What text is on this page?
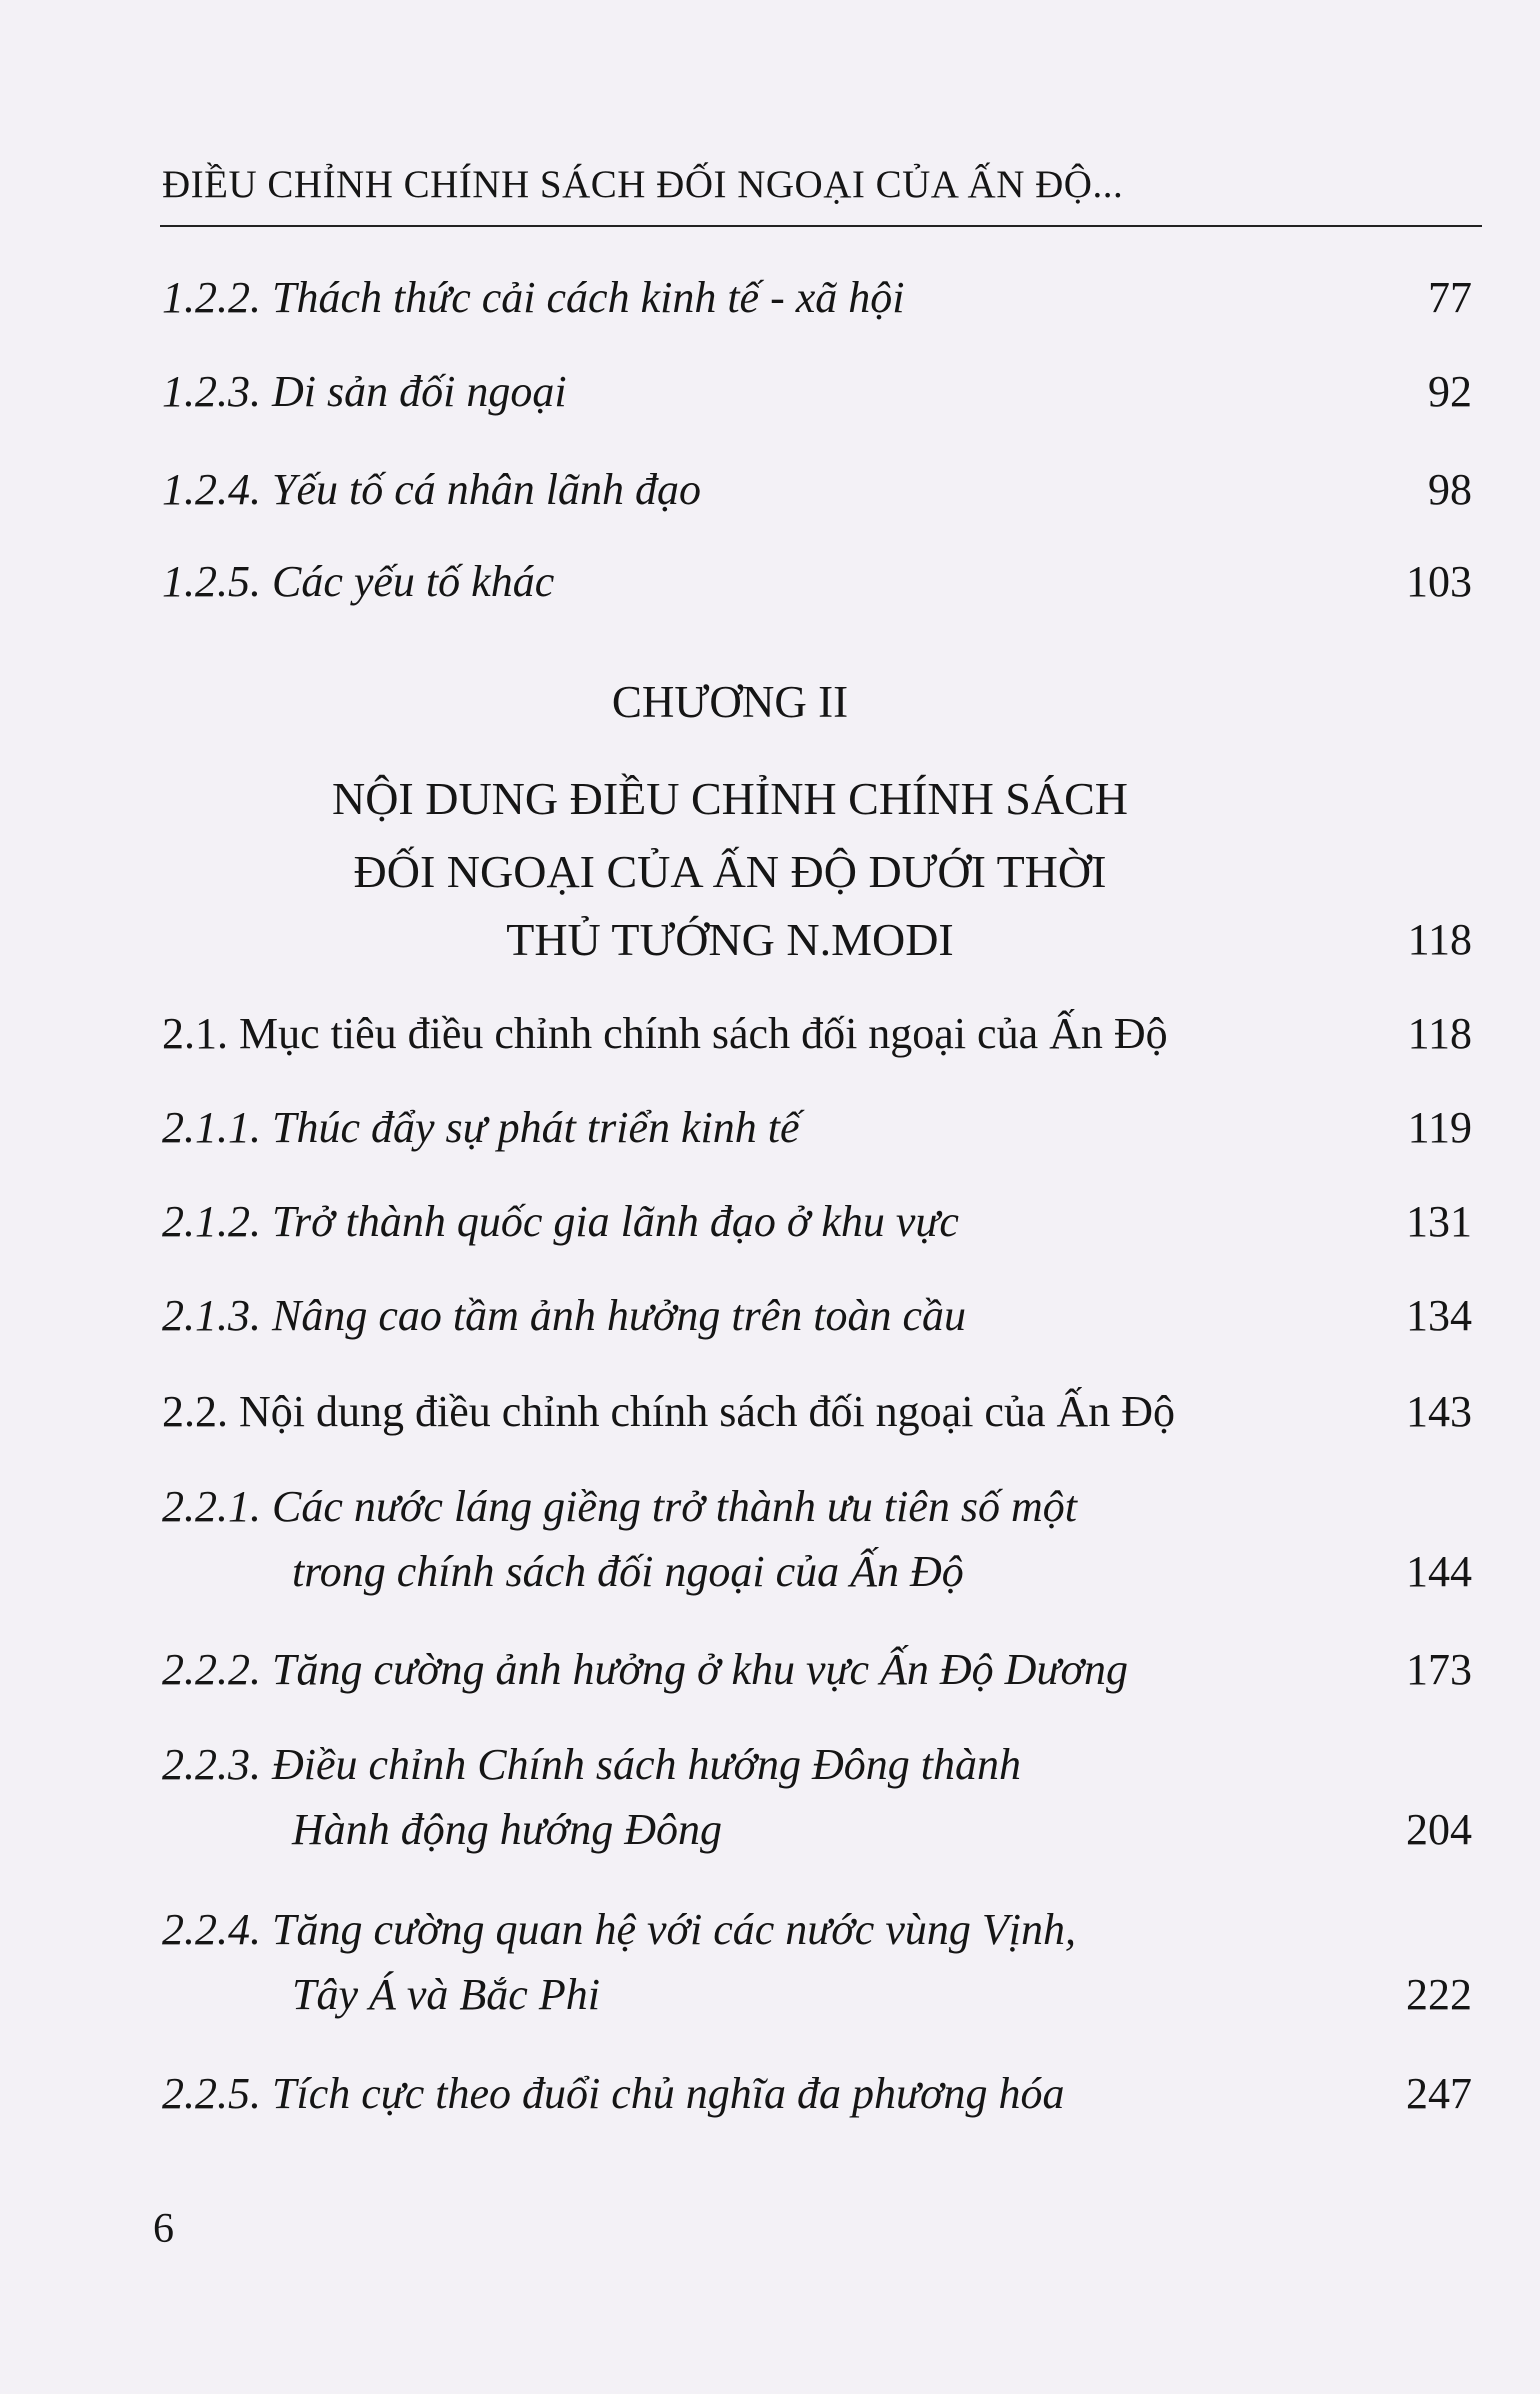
ĐIỀU CHỈNH CHÍNH SÁCH ĐỐI NGOẠI CỦA ẤN ĐỘ...
1.2.2. Thách thức cải cách kinh tế - xã hội	77
1.2.3. Di sản đối ngoại	92
1.2.4. Yếu tố cá nhân lãnh đạo	98
1.2.5. Các yếu tố khác	103
CHƯƠNG II
NỘI DUNG ĐIỀU CHỈNH CHÍNH SÁCH
ĐỐI NGOẠI CỦA ẤN ĐỘ DƯỚI THỜI
THỦ TƯỚNG N.MODI	118
2.1. Mục tiêu điều chỉnh chính sách đối ngoại của Ấn Độ	118
2.1.1. Thúc đẩy sự phát triển kinh tế	119
2.1.2. Trở thành quốc gia lãnh đạo ở khu vực	131
2.1.3. Nâng cao tầm ảnh hưởng trên toàn cầu	134
2.2. Nội dung điều chỉnh chính sách đối ngoại của Ấn Độ	143
2.2.1. Các nước láng giềng trở thành ưu tiên số một
trong chính sách đối ngoại của Ấn Độ	144
2.2.2. Tăng cường ảnh hưởng ở khu vực Ấn Độ Dương	173
2.2.3. Điều chỉnh Chính sách hướng Đông thành
Hành động hướng Đông	204
2.2.4. Tăng cường quan hệ với các nước vùng Vịnh,
Tây Á và Bắc Phi	222
2.2.5. Tích cực theo đuổi chủ nghĩa đa phương hóa	247
6
